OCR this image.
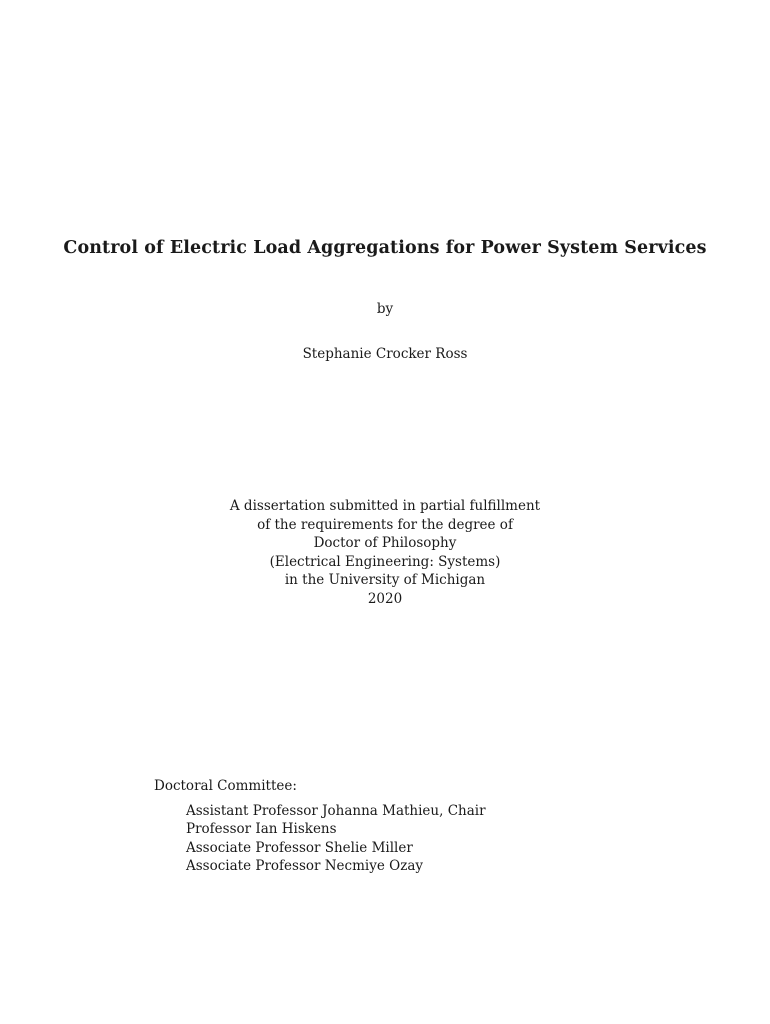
Control of Electric Load Aggregations for Power System Services
by
Stephanie Crocker Ross
A dissertation submitted in partial fulfillment
of the requirements for the degree of
Doctor of Philosophy
(Electrical Engineering: Systems)
in the University of Michigan
2020
Doctoral Committee:
Assistant Professor Johanna Mathieu, Chair
Professor Ian Hiskens
Associate Professor Shelie Miller
Associate Professor Necmiye Ozay
